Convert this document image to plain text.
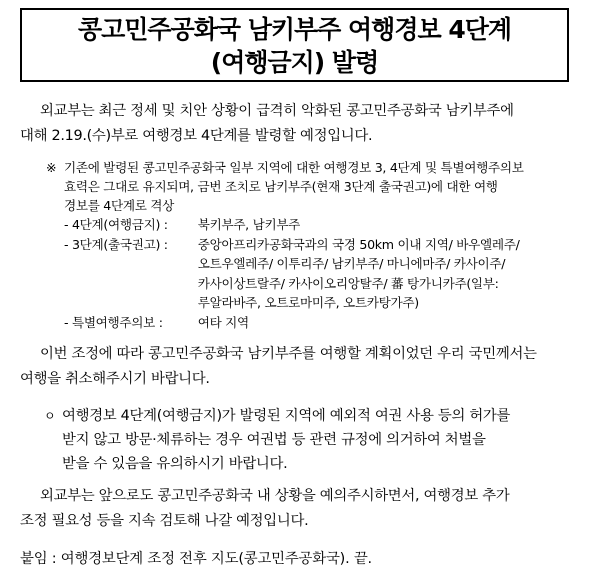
콩고민주공화국 남키부주 여행경보 4단계
(여행금지) 발령
외교부는 최근 정세 및 치안 상황이 급격히 악화된 콩고민주공화국 남키부주에
대해 2.19.(수)부로 여행경보 4단계를 발령할 예정입니다.
※ 기존에 발령된 콩고민주공화국 일부 지역에 대한 여행경보 3, 4단계 및 특별여행주의보
효력은 그대로 유지되며, 금번 조치로 남키부주(현재 3단계 출국권고)에 대한 여행
경보를 4단계로 격상
- 4단계(여행금지) : 북키부주, 남키부주
- 3단계(출국권고) : 중앙아프리카공화국과의 국경 50km 이내 지역/ 바우엘레주/
오트우엘레주/ 이투리주/ 남키부주/ 마니에마주/ 카사이주/
카사이상트랄주/ 카사이오리앙탈주/ 蕃 탕가니카주(일부:
루알라바주, 오트로마미주, 오트카탕가주)
- 특별여행주의보 :	여타 지역
이번 조정에 따라 콩고민주공화국 남키부주를 여행할 계획이었던 우리 국민께서는
여행을 취소해주시기 바랍니다.
ㅇ 여행경보 4단계(여행금지)가 발령된 지역에 예외적 여권 사용 등의 허가를
받지 않고 방문·체류하는 경우 여권법 등 관련 규정에 의거하여 처벌을
받을 수 있음을 유의하시기 바랍니다.
외교부는 앞으로도 콩고민주공화국 내 상황을 예의주시하면서, 여행경보 추가
조정 필요성 등을 지속 검토해 나갈 예정입니다.
붙임 : 여행경보단계 조정 전후 지도(콩고민주공화국). 끝.
